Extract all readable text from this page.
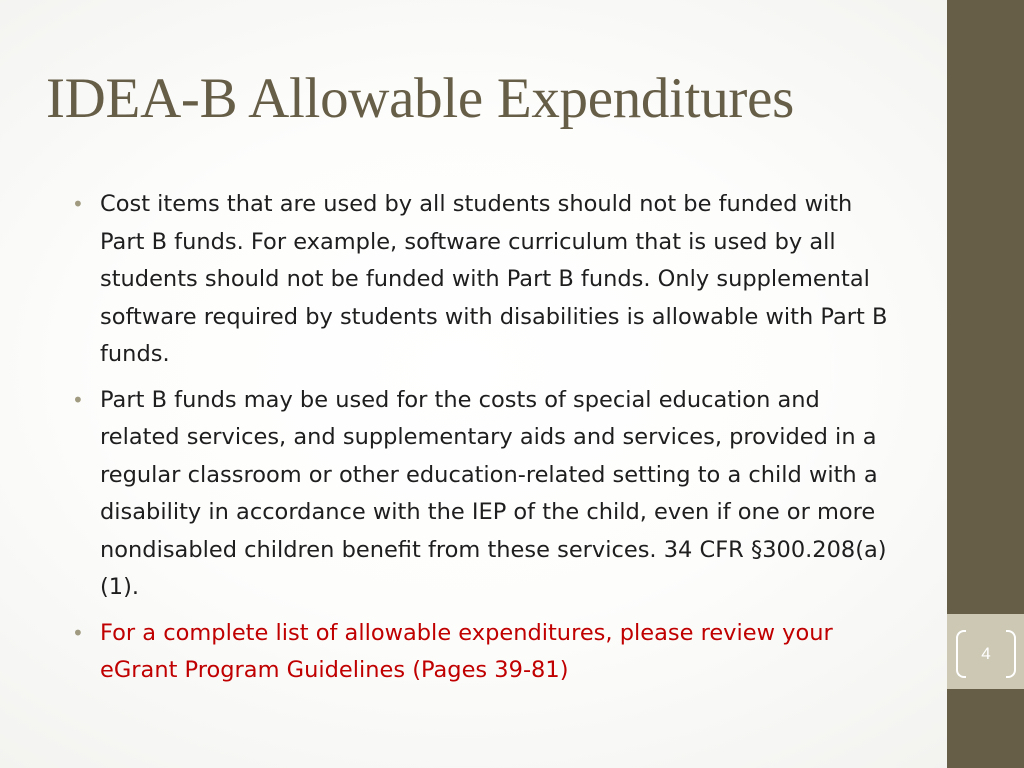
IDEA-B Allowable Expenditures
• Cost items that are used by all students should not be funded with Part B funds. For example, software curriculum that is used by all students should not be funded with Part B funds. Only supplemental software required by students with disabilities is allowable with Part B funds.
• Part B funds may be used for the costs of special education and related services, and supplementary aids and services, provided in a regular classroom or other education-related setting to a child with a disability in accordance with the IEP of the child, even if one or more nondisabled children benefit from these services. 34 CFR §300.208(a)(1).
• For a complete list of allowable expenditures, please review your eGrant Program Guidelines (Pages 39-81)
4
